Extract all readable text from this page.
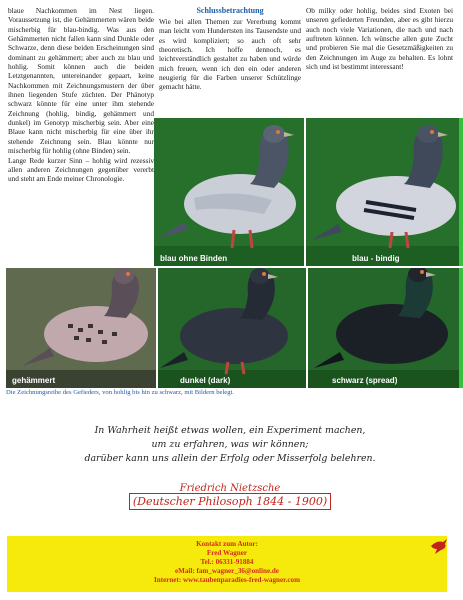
blaue Nachkommen im Nest liegen. Voraussetzung ist, die Gehämmerten wären beide mischerbig für blau-bindig. Was aus den Gehämmerten nicht fallen kann sind Dunkle oder Schwarze, denn diese beiden Erscheinungen sind dominant zu gehämmert; aber auch zu blau und hohlig. Somit können auch die beiden Letztgenannten, untereinander gepaart, keine Nachkommen mit Zeichnungsmustern der über ihnen liegenden Stufe züchten. Der Phänotyp schwarz könnte für eine unter ihm stehende Zeichnung (hohlig, bindig, gehämmert und dunkel) im Genotyp mischerbig sein. Aber eine Blaue kann nicht mischerbig für eine über ihr stehende Zeichnung sein. Blau könnte nur mischerbig für hohlig (ohne Binden) sein.

Lange Rede kurzer Sinn – hohlig wird rezessiv allen anderen Zeichnungen gegenüber vererbt und steht am Ende meiner Chronologie.

Schlussbetrachtung

Wie bei allen Themen zur Vererbung kommt man leicht vom Hundertsten ins Tausendste und es wird kompliziert; so auch oft sehr theoretisch. Ich hoffe dennoch, es leichtverständlich gestaltet zu haben und würde mich freuen, wenn ich den ein oder anderen neugierig für die Farben unserer Schützlinge gemacht hätte.

Ob milky oder hohlig, beides sind Exoten bei unseren gefiederten Freunden, aber es gibt hierzu auch noch viele Variationen, die nach und nach auftreten können. Ich wünsche allen gute Zucht und probieren Sie mal die Gesetzmäßigkeiten zu den Zeichnungen im Auge zu behalten. Es lohnt sich und ist bestimmt interessant!

blau ohne Binden	blau - bindig
gehämmert	dunkel (dark)	schwarz (spread)
Die Zeichnungsreihe des Gefieders, von hohlig bis hin zu schwarz, mit Bildern belegt.
In Wahrheit heißt etwas wollen, ein Experiment machen,
um zu erfahren, was wir können;
darüber kann uns allein der Erfolg oder Misserfolg belehren.
Friedrich Nietzsche
(Deutscher Philosoph 1844 - 1900)
Kontakt zum Autor:
Fred Wagner
Tel.: 06331-91884
eMail: fam_wagner_36@online.de
Internet: www.taubenparadies-fred-wagner.com
